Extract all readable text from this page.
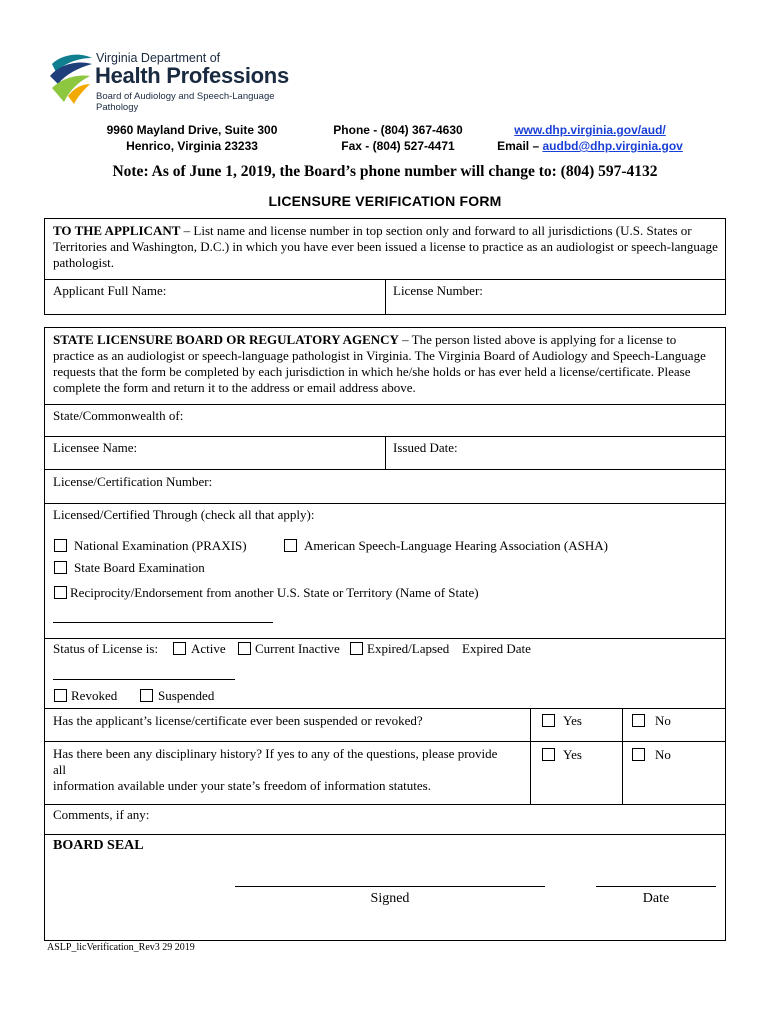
Virginia Department of
Health Professions
Board of Audiology and Speech-Language Pathology
9960 Mayland Drive, Suite 300
Henrico, Virginia 23233
Phone - (804) 367-4630
Fax - (804) 527-4471
www.dhp.virginia.gov/aud/
Email – audbd@dhp.virginia.gov
Note: As of June 1, 2019, the Board’s phone number will change to: (804) 597-4132
LICENSURE VERIFICATION FORM
TO THE APPLICANT – List name and license number in top section only and forward to all jurisdictions (U.S. States or Territories and Washington, D.C.) in which you have ever been issued a license to practice as an audiologist or speech-language pathologist.
Applicant Full Name:	License Number:
STATE LICENSURE BOARD OR REGULATORY AGENCY – The person listed above is applying for a license to practice as an audiologist or speech-language pathologist in Virginia. The Virginia Board of Audiology and Speech-Language requests that the form be completed by each jurisdiction in which he/she holds or has ever held a license/certificate. Please complete the form and return it to the address or email address above.
State/Commonwealth of:
Licensee Name:	Issued Date:
License/Certification Number:
Licensed/Certified Through (check all that apply):
National Examination (PRAXIS)	American Speech-Language Hearing Association (ASHA)
State Board Examination
Reciprocity/Endorsement from another U.S. State or Territory (Name of State)
Status of License is:	Active Current Inactive Expired/Lapsed Expired Date
Revoked	Suspended
Has the applicant’s license/certificate ever been suspended or revoked?	Yes	No
Has there been any disciplinary history? If yes to any of the questions, please provide
all
information available under your state’s freedom of information statutes.
Yes	No
Comments, if any:
BOARD SEAL
Signed	Date
ASLP_licVerification_Rev3 29 2019
